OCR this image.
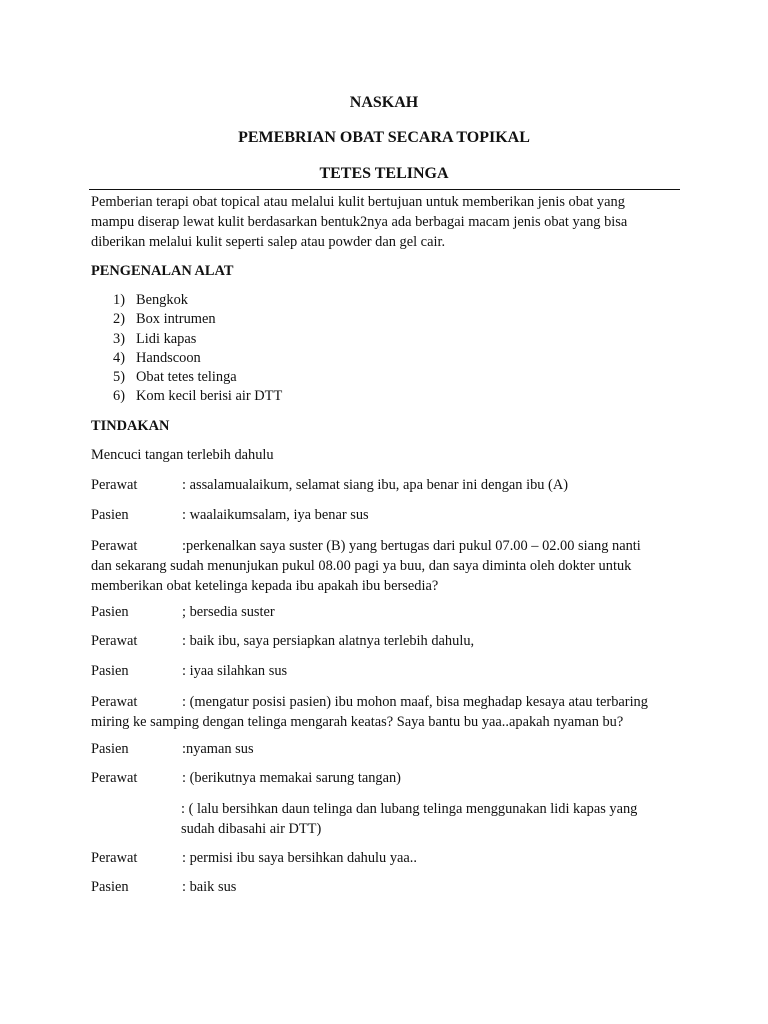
NASKAH
PEMEBRIAN OBAT SECARA TOPIKAL
TETES TELINGA
Pemberian terapi obat topical atau melalui kulit bertujuan untuk memberikan jenis obat yang
mampu diserap lewat kulit berdasarkan bentuk2nya ada berbagai macam jenis obat yang bisa
diberikan melalui kulit seperti salep atau powder dan gel cair.
PENGENALAN ALAT
1) Bengkok
2) Box intrumen
3) Lidi kapas
4) Handscoon
5) Obat tetes telinga
6) Kom kecil berisi air DTT
TINDAKAN
Mencuci tangan terlebih dahulu
Perawat	: assalamualaikum, selamat siang ibu, apa benar ini dengan ibu (A)
Pasien	: waalaikumsalam, iya benar sus
Perawat	:perkenalkan saya suster (B) yang bertugas dari pukul 07.00 – 02.00 siang nanti
dan sekarang sudah menunjukan pukul 08.00 pagi ya buu, dan saya diminta oleh dokter untuk
memberikan obat ketelinga kepada ibu apakah ibu bersedia?
Pasien	; bersedia suster
Perawat	: baik ibu, saya persiapkan alatnya terlebih dahulu,
Pasien	: iyaa silahkan sus
Perawat	: (mengatur posisi pasien) ibu mohon maaf, bisa meghadap kesaya atau terbaring
miring ke samping dengan telinga mengarah keatas? Saya bantu bu yaa..apakah nyaman bu?
Pasien	:nyaman sus
Perawat	: (berikutnya memakai sarung tangan)
: ( lalu bersihkan daun telinga dan lubang telinga menggunakan lidi kapas yang
sudah dibasahi air DTT)
Perawat	: permisi ibu saya bersihkan dahulu yaa..
Pasien	: baik sus
